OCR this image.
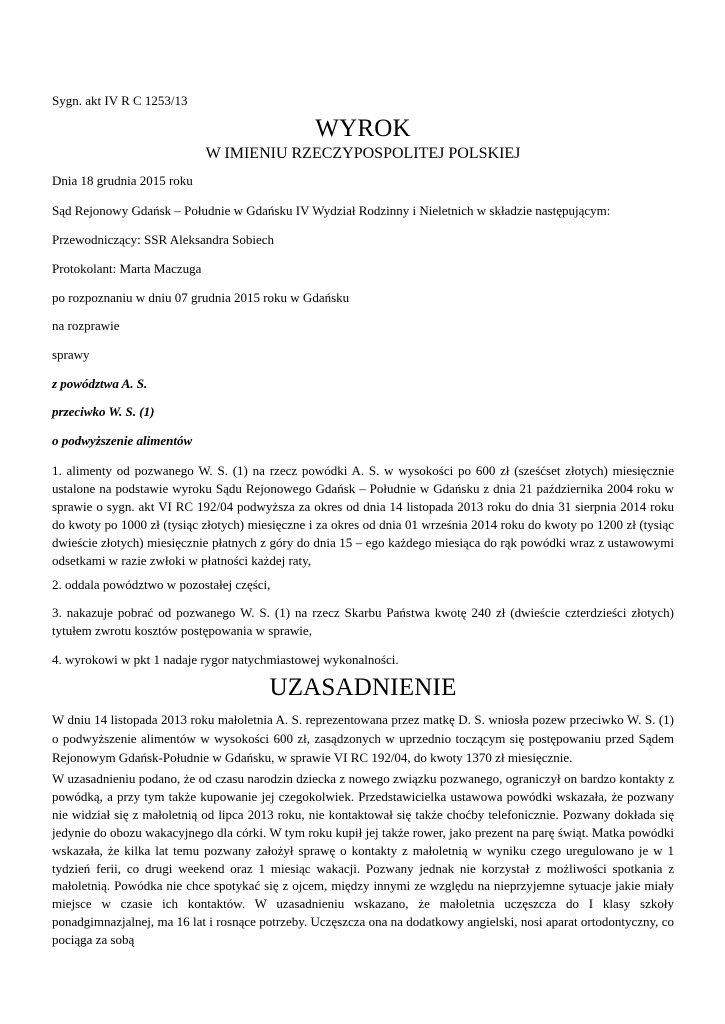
Sygn. akt IV R C 1253/13
WYROK
W IMIENIU RZECZYPOSPOLITEJ POLSKIEJ
Dnia 18 grudnia 2015 roku
Sąd Rejonowy Gdańsk – Południe w Gdańsku IV Wydział Rodzinny i Nieletnich w składzie następującym:
Przewodniczący: SSR Aleksandra Sobiech
Protokolant: Marta Maczuga
po rozpoznaniu w dniu 07 grudnia 2015 roku w Gdańsku
na rozprawie
sprawy
z powództwa A. S.
przeciwko W. S. (1)
o podwyższenie alimentów
1. alimenty od pozwanego W. S. (1) na rzecz powódki A. S. w wysokości po 600 zł (sześćset złotych) miesięcznie ustalone na podstawie wyroku Sądu Rejonowego Gdańsk – Południe w Gdańsku z dnia 21 października 2004 roku w sprawie o sygn. akt VI RC 192/04 podwyższa za okres od dnia 14 listopada 2013 roku do dnia 31 sierpnia 2014 roku do kwoty po 1000 zł (tysiąc złotych) miesięczne i za okres od dnia 01 września 2014 roku do kwoty po 1200 zł (tysiąc dwieście złotych) miesięcznie płatnych z góry do dnia 15 – ego każdego miesiąca do rąk powódki wraz z ustawowymi odsetkami w razie zwłoki w płatności każdej raty,
2. oddala powództwo w pozostałej części,
3. nakazuje pobrać od pozwanego W. S. (1) na rzecz Skarbu Państwa kwotę 240 zł (dwieście czterdzieści złotych) tytułem zwrotu kosztów postępowania w sprawie,
4. wyrokowi w pkt 1 nadaje rygor natychmiastowej wykonalności.
UZASADNIENIE
W dniu 14 listopada 2013 roku małoletnia A. S. reprezentowana przez matkę D. S. wniosła pozew przeciwko W. S. (1) o podwyższenie alimentów w wysokości 600 zł, zasądzonych w uprzednio toczącym się postępowaniu przed Sądem Rejonowym Gdańsk-Południe w Gdańsku, w sprawie VI RC 192/04, do kwoty 1370 zł miesięcznie.
W uzasadnieniu podano, że od czasu narodzin dziecka z nowego związku pozwanego, ograniczył on bardzo kontakty z powódką, a przy tym także kupowanie jej czegokolwiek. Przedstawicielka ustawowa powódki wskazała, że pozwany nie widział się z małoletnią od lipca 2013 roku, nie kontaktował się także choćby telefonicznie. Pozwany dokłada się jedynie do obozu wakacyjnego dla córki. W tym roku kupił jej także rower, jako prezent na parę świąt. Matka powódki wskazała, że kilka lat temu pozwany założył sprawę o kontakty z małoletnią w wyniku czego uregulowano je w 1 tydzień ferii, co drugi weekend oraz 1 miesiąc wakacji. Pozwany jednak nie korzystał z możliwości spotkania z małoletnią. Powódka nie chce spotykać się z ojcem, między innymi ze względu na nieprzyjemne sytuacje jakie miały miejsce w czasie ich kontaktów. W uzasadnieniu wskazano, że małoletnia uczęszcza do I klasy szkoły ponadgimnazjalnej, ma 16 lat i rosnące potrzeby. Uczęszcza ona na dodatkowy angielski, nosi aparat ortodontyczny, co pociąga za sobą
